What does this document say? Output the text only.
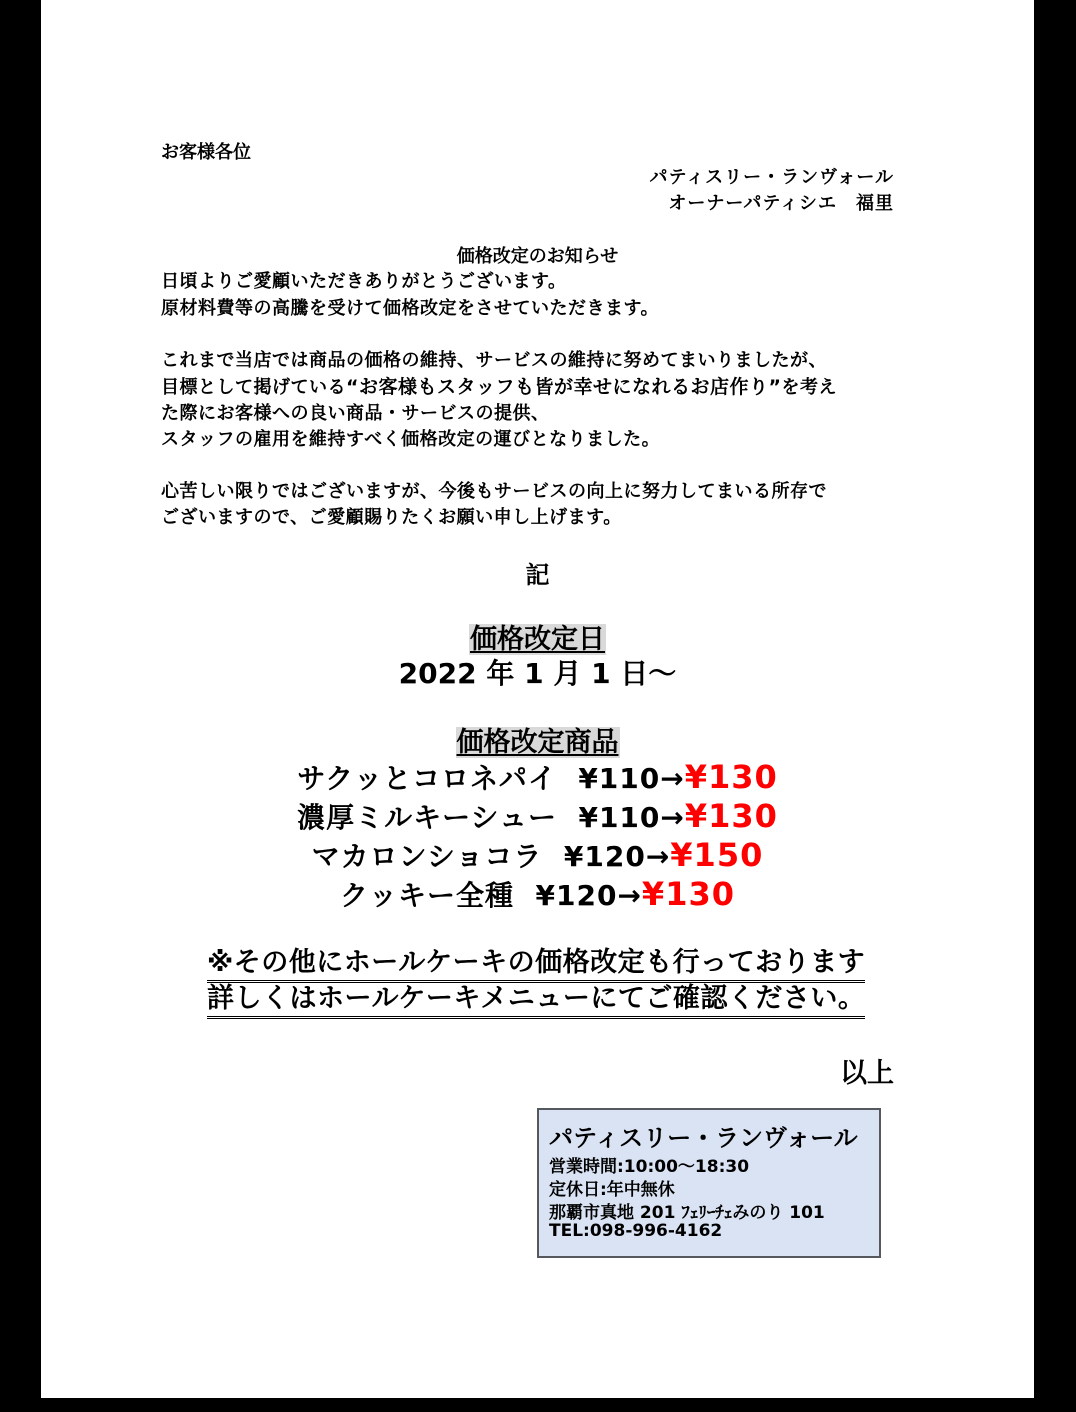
お客様各位
パティスリー・ランヴォール
オーナーパティシエ　福里
価格改定のお知らせ
日頃よりご愛顧いただきありがとうございます。
原材料費等の高騰を受けて価格改定をさせていただきます。
これまで当店では商品の価格の維持、サービスの維持に努めてまいりましたが、
目標として掲げている“お客様もスタッフも皆が幸せになれるお店作り”を考え
た際にお客様への良い商品・サービスの提供、
スタッフの雇用を維持すべく価格改定の運びとなりました。
心苦しい限りではございますが、今後もサービスの向上に努力してまいる所存で
ございますので、ご愛顧賜りたくお願い申し上げます。
記
価格改定日
2022 年 1 月 1 日～
価格改定商品
サクッとコロネパイ ¥110→¥130
濃厚ミルキーシュー ¥110→¥130
マカロンショコラ ¥120→¥150
クッキー全種 ¥120→¥130
※その他にホールケーキの価格改定も行っております
詳しくはホールケーキメニューにてご確認ください。
以上
パティスリー・ランヴォール
営業時間:10:00～18:30
定休日:年中無休
那覇市真地 201 ﾌｪﾘｰﾁｪみのり 101
TEL:098-996-4162
